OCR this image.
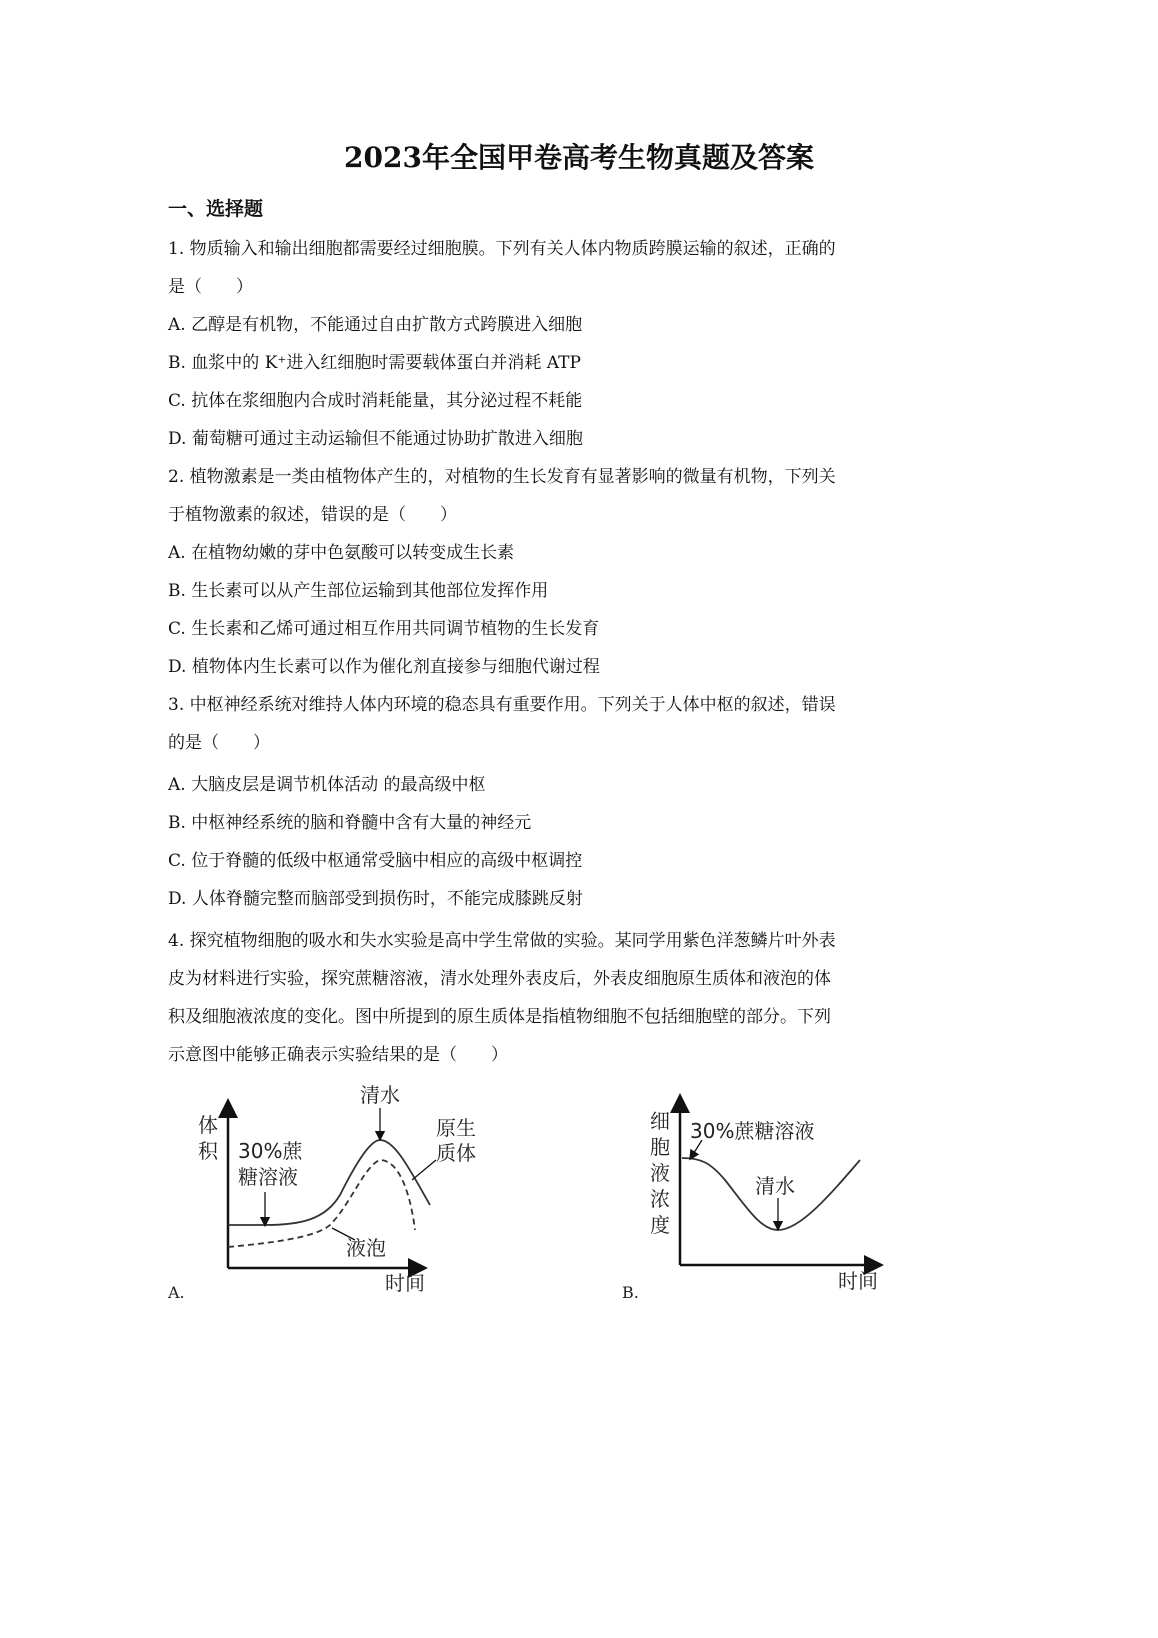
2023年全国甲卷高考生物真题及答案
一、选择题
1. 物质输入和输出细胞都需要经过细胞膜。下列有关人体内物质跨膜运输的叙述，正确的
是（　　）
A. 乙醇是有机物，不能通过自由扩散方式跨膜进入细胞
B. 血浆中的 K⁺进入红细胞时需要载体蛋白并消耗 ATP
C. 抗体在浆细胞内合成时消耗能量，其分泌过程不耗能
D. 葡萄糖可通过主动运输但不能通过协助扩散进入细胞
2. 植物激素是一类由植物体产生的，对植物的生长发育有显著影响的微量有机物，下列关
于植物激素的叙述，错误的是（　　）
A. 在植物幼嫩的芽中色氨酸可以转变成生长素
B. 生长素可以从产生部位运输到其他部位发挥作用
C. 生长素和乙烯可通过相互作用共同调节植物的生长发育
D. 植物体内生长素可以作为催化剂直接参与细胞代谢过程
3. 中枢神经系统对维持人体内环境的稳态具有重要作用。下列关于人体中枢的叙述，错误
的是（　　）
A. 大脑皮层是调节机体活动 的最高级中枢
B. 中枢神经系统的脑和脊髓中含有大量的神经元
C. 位于脊髓的低级中枢通常受脑中相应的高级中枢调控
D. 人体脊髓完整而脑部受到损伤时，不能完成膝跳反射
4. 探究植物细胞的吸水和失水实验是高中学生常做的实验。某同学用紫色洋葱鳞片叶外表
皮为材料进行实验，探究蔗糖溶液，清水处理外表皮后，外表皮细胞原生质体和液泡的体
积及细胞液浓度的变化。图中所提到的原生质体是指植物细胞不包括细胞壁的部分。下列
示意图中能够正确表示实验结果的是（　　）
体
积 30%蔗
糖溶液
清水
原生
质体
液泡
时间
A.
细
胞
液
浓
度
30%蔗糖溶液
清水
时间
B.
